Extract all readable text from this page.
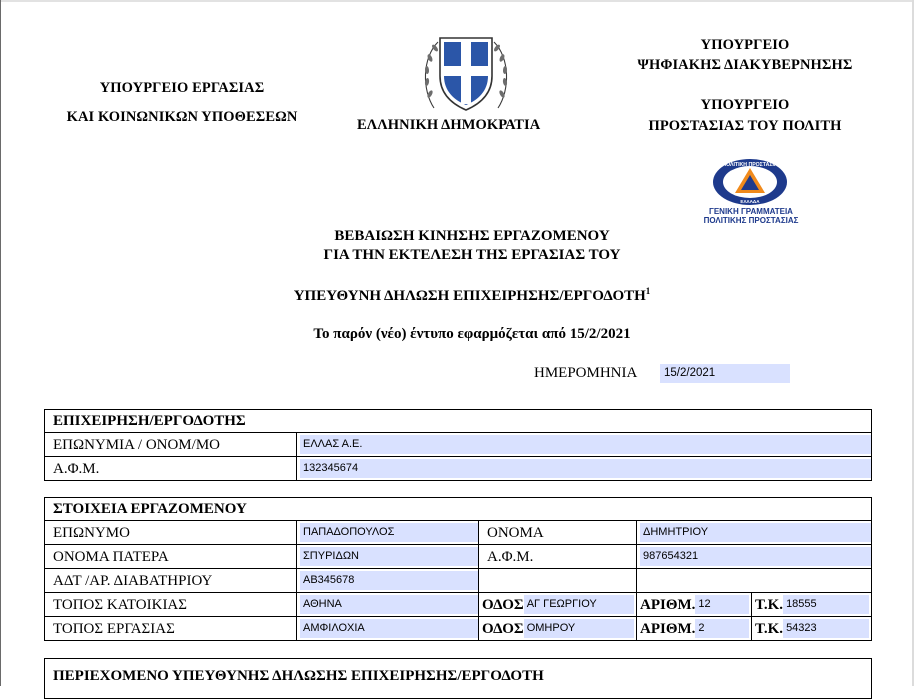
ΥΠΟΥΡΓΕΙΟ ΕΡΓΑΣΙΑΣ
ΚΑΙ ΚΟΙΝΩΝΙΚΩΝ ΥΠΟΘΕΣΕΩΝ	ΕΛΛΗΝΙΚΗ ΔΗΜΟΚΡΑΤΙΑ
ΥΠΟΥΡΓΕΙΟ
ΨΗΦΙΑΚΗΣ ΔΙΑΚΥΒΕΡΝΗΣΗΣ
ΥΠΟΥΡΓΕΙΟ
ΠΡΟΣΤΑΣΙΑΣ ΤΟΥ ΠΟΛΙΤΗ
ΠΟΛΙΤΙΚΗ ΠΡΟΣΤΑΣΙΑ
ΕΛΛΑΔΑ
ΓΕΝΙΚΗ ΓΡΑΜΜΑΤΕΙΑ
ΠΟΛΙΤΙΚΗΣ ΠΡΟΣΤΑΣΙΑΣ
ΒΕΒΑΙΩΣΗ ΚΙΝΗΣΗΣ ΕΡΓΑΖΟΜΕΝΟΥ
ΓΙΑ ΤΗΝ ΕΚΤΕΛΕΣΗ ΤΗΣ ΕΡΓΑΣΙΑΣ ΤΟΥ
ΥΠΕΥΘΥΝΗ ΔΗΛΩΣΗ ΕΠΙΧΕΙΡΗΣΗΣ/ΕΡΓΟΔΟΤΗ$^1$
Το παρόν (νέο) έντυπο εφαρμόζεται από 15/2/2021
ΗΜΕΡΟΜΗΝΙΑ	15/2/2021
ΕΠΙΧΕΙΡΗΣΗ/ΕΡΓΟΔΟΤΗΣ	
ΕΠΩΝΥΜΙΑ / ΟΝΟΜ/ΜΟ	ΕΛΛΑΣ Α.Ε.

Α.Φ.Μ.	132345674
ΣΤΟΙΧΕΙΑ ΕΡΓΑΖΟΜΕΝΟΥ				
ΕΠΩΝΥΜΟ	ΠΑΠΑΔΟΠΟΥΛΟΣ	ΟΝΟΜΑ	ΔΗΜΗΤΡΙΟΥ	

ΟΝΟΜΑ ΠΑΤΕΡΑ	ΣΠΥΡΙΔΩΝ	Α.Φ.Μ.	987654321	

ΑΔΤ /ΑΡ. ΔΙΑΒΑΤΗΡΙΟΥ	ΑΒ345678			

ΤΟΠΟΣ ΚΑΤΟΙΚΙΑΣ	ΑΘΗΝΑ	ΟΔΟΣ ΑΓ ΓΕΩΡΓΙΟΥ	ΑΡΙΘΜ. 12	Τ.Κ. 18555

ΤΟΠΟΣ ΕΡΓΑΣΙΑΣ	ΑΜΦΙΛΟΧΙΑ	ΟΔΟΣ ΟΜΗΡΟΥ	ΑΡΙΘΜ. 2	Τ.Κ. 54323
ΠΕΡΙΕΧΟΜΕΝΟ ΥΠΕΥΘΥΝΗΣ ΔΗΛΩΣΗΣ ΕΠΙΧΕΙΡΗΣΗΣ/ΕΡΓΟΔΟΤΗ
